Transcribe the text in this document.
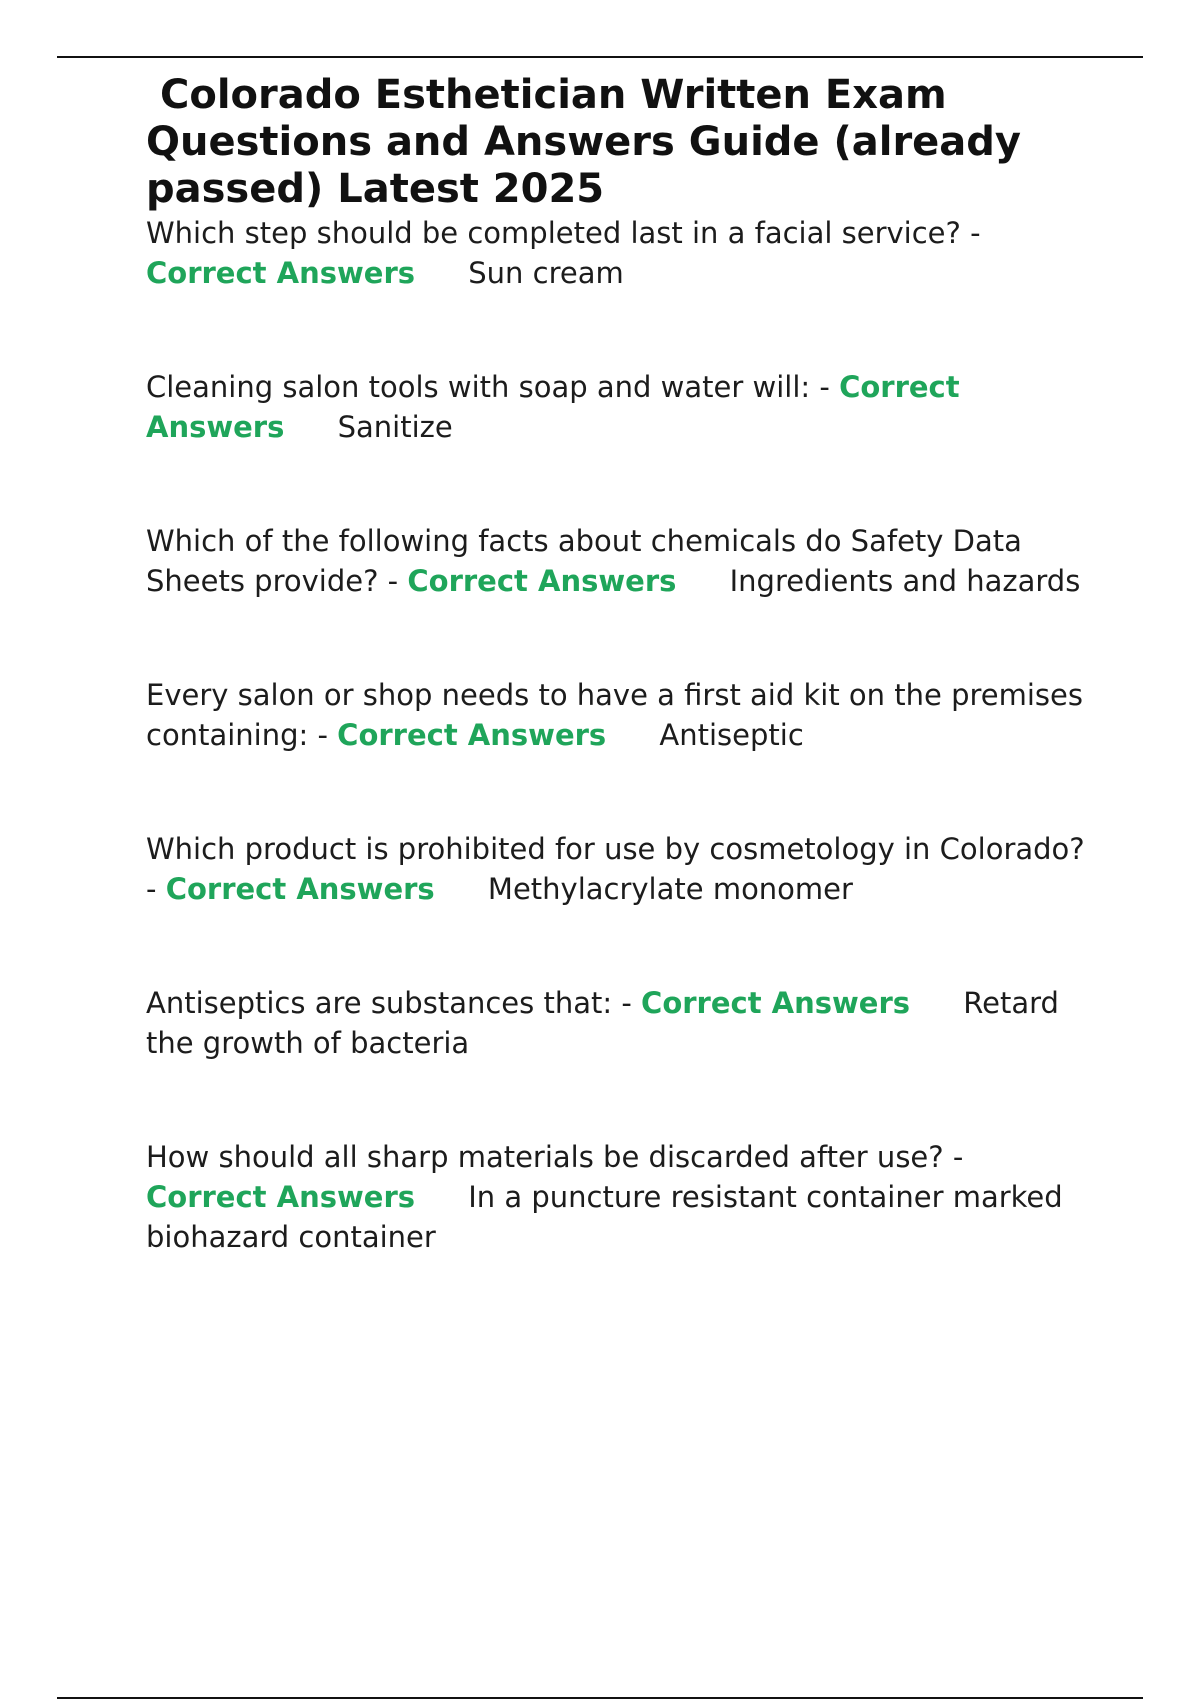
Colorado Esthetician Written Exam Questions and Answers Guide (already passed) Latest 2025
Which step should be completed last in a facial service? - Correct Answers Sun cream
Cleaning salon tools with soap and water will: - Correct Answers Sanitize
Which of the following facts about chemicals do Safety Data Sheets provide? - Correct Answers Ingredients and hazards
Every salon or shop needs to have a first aid kit on the premises containing: - Correct Answers Antiseptic
Which product is prohibited for use by cosmetology in Colorado? - Correct Answers Methylacrylate monomer
Antiseptics are substances that: - Correct Answers Retard the growth of bacteria
How should all sharp materials be discarded after use? - Correct Answers In a puncture resistant container marked biohazard container
